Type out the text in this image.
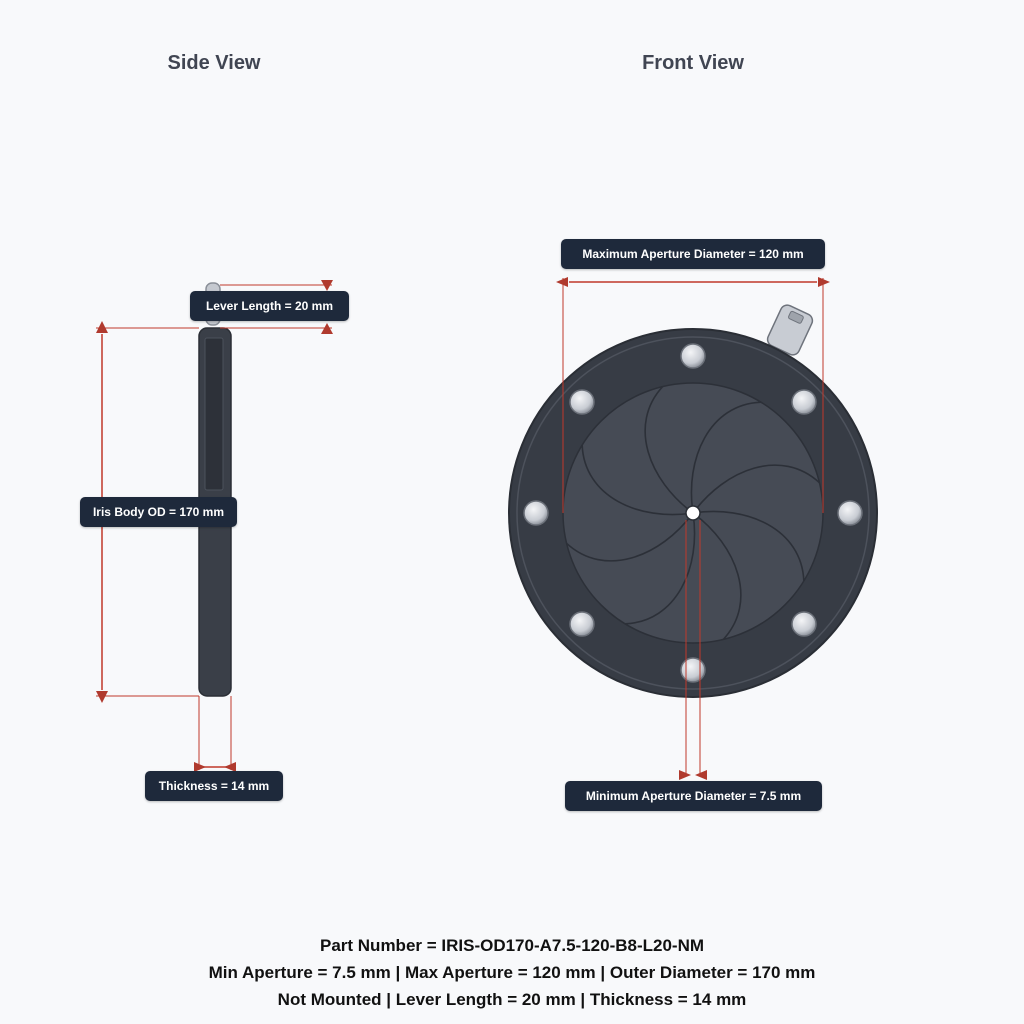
Side View	Front View
Lever Length = 20 mm
Iris Body OD = 170 mm
Thickness = 14 mm
Maximum Aperture Diameter = 120 mm
Minimum Aperture Diameter = 7.5 mm
Part Number = IRIS-OD170-A7.5-120-B8-L20-NM
Min Aperture = 7.5 mm | Max Aperture = 120 mm | Outer Diameter = 170 mm
Not Mounted | Lever Length = 20 mm | Thickness = 14 mm
